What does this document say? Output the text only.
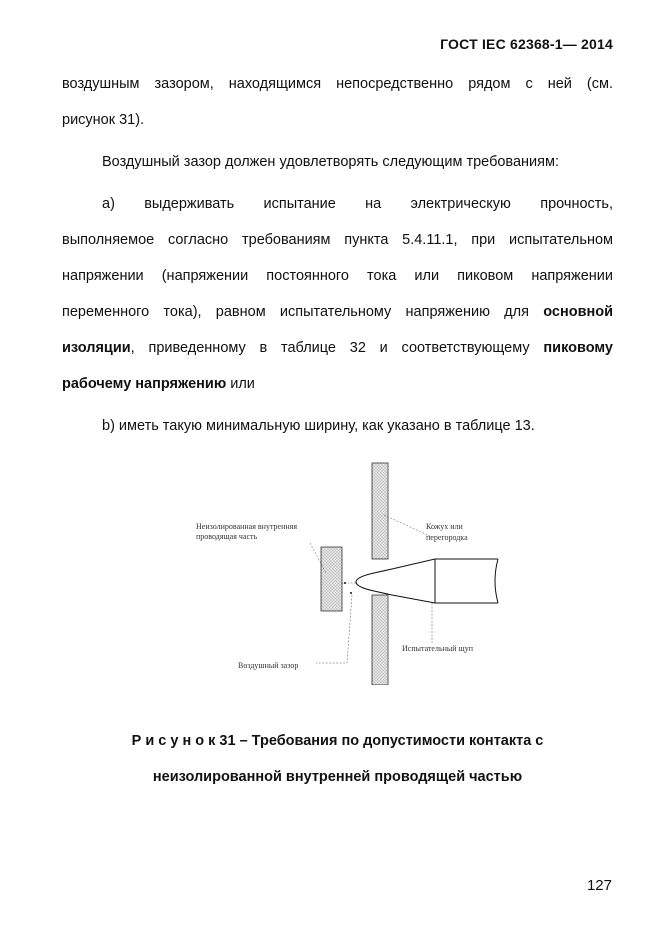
ГОСТ IEC 62368-1— 2014

воздушным зазором, находящимся непосредственно рядом с ней (см.

рисунок 31).

Воздушный зазор должен удовлетворять следующим требованиям:

a) выдерживать испытание на электрическую прочность,

выполняемое согласно требованиям пункта 5.4.11.1, при испытательном

напряжении (напряжении постоянного тока или пиковом напряжении

переменного тока), равном испытательному напряжению для основной

изоляции, приведенному в таблице 32 и соответствующему пиковому

рабочему напряжению или

b) иметь такую минимальную ширину, как указано в таблице 13.

Неизолированная внутренняя
проводящая часть
Кожух или
перегородка
Испытательный щуп
Воздушный зазор
Р и с у н о к 31 – Требования по допустимости контакта с
неизолированной внутренней проводящей частью
127
